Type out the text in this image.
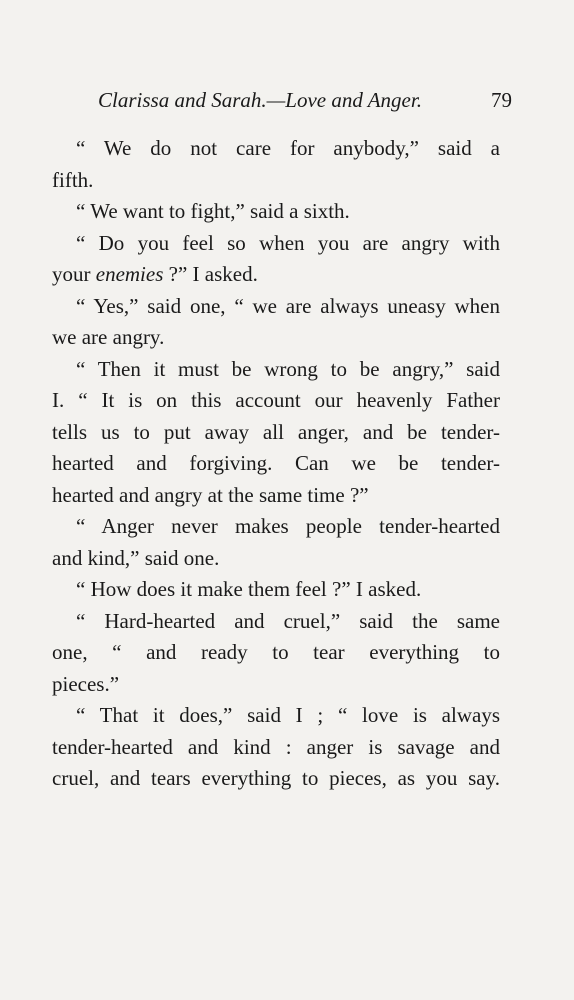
Clarissa and Sarah.—Love and Anger.	79
“ We do not care for anybody,” said a
fifth.
“ We want to fight,” said a sixth.
“ Do you feel so when you are angry with
your enemies ?” I asked.
“ Yes,” said one, “ we are always uneasy when
we are angry.
“ Then it must be wrong to be angry,” said
I. “ It is on this account our heavenly Father
tells us to put away all anger, and be tender-
hearted and forgiving. Can we be tender-
hearted and angry at the same time ?”
“ Anger never makes people tender-hearted
and kind,” said one.
“ How does it make them feel ?” I asked.
“ Hard-hearted and cruel,” said the same
one, “ and ready to tear everything to
pieces.”
“ That it does,” said I ; “ love is always
tender-hearted and kind : anger is savage and
cruel, and tears everything to pieces, as you say.
